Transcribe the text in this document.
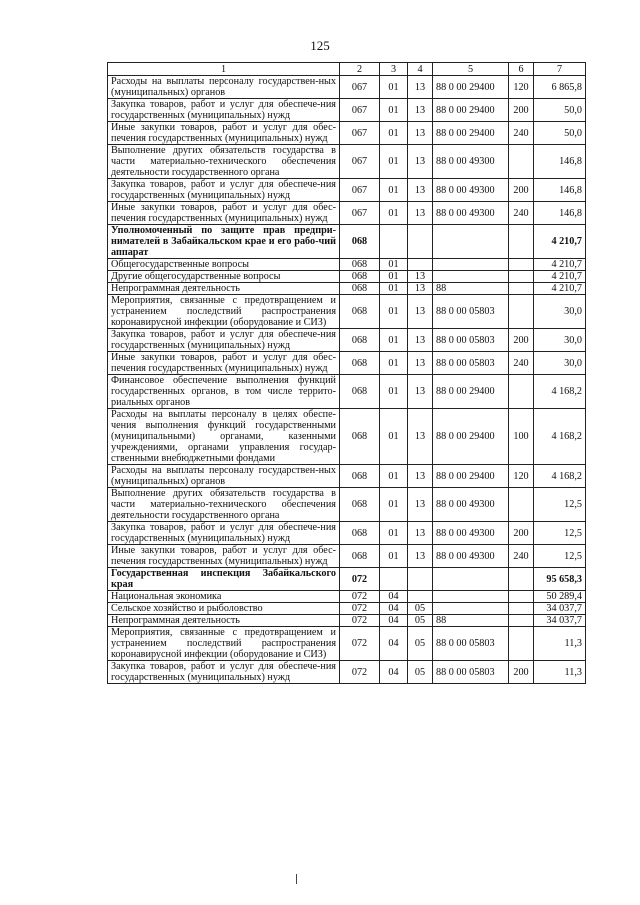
125
1	2	3	4	5	6	7
Расходы на выплаты персоналу государствен-ных (муниципальных) органов	067	01	13	88 0 00 29400	120	6 865,8
Закупка товаров, работ и услуг для обеспече-ния государственных (муниципальных) нужд	067	01	13	88 0 00 29400	200	50,0
Иные закупки товаров, работ и услуг для обес-печения государственных (муниципальных) нужд	067	01	13	88 0 00 29400	240	50,0
Выполнение других обязательств государства в части материально-технического обеспечения деятельности государственного органа	067	01	13	88 0 00 49300		146,8
Закупка товаров, работ и услуг для обеспече-ния государственных (муниципальных) нужд	067	01	13	88 0 00 49300	200	146,8
Иные закупки товаров, работ и услуг для обес-печения государственных (муниципальных) нужд	067	01	13	88 0 00 49300	240	146,8
Уполномоченный по защите прав предпри-нимателей в Забайкальском крае и его рабо-чий аппарат	068					4 210,7
Общегосударственные вопросы	068	01				4 210,7
Другие общегосударственные вопросы	068	01	13			4 210,7
Непрограммная деятельность	068	01	13	88		4 210,7
Мероприятия, связанные с предотвращением и устранением последствий распространения коронавирусной инфекции (оборудование и СИЗ)	068	01	13	88 0 00 05803		30,0
Закупка товаров, работ и услуг для обеспече-ния государственных (муниципальных) нужд	068	01	13	88 0 00 05803	200	30,0
Иные закупки товаров, работ и услуг для обес-печения государственных (муниципальных) нужд	068	01	13	88 0 00 05803	240	30,0
Финансовое обеспечение выполнения функций государственных органов, в том числе террито-риальных органов	068	01	13	88 0 00 29400		4 168,2
Расходы на выплаты персоналу в целях обеспе-чения выполнения функций государственными (муниципальными) органами, казенными учреждениями, органами управления государ-ственными внебюджетными фондами	068	01	13	88 0 00 29400	100	4 168,2
Расходы на выплаты персоналу государствен-ных (муниципальных) органов	068	01	13	88 0 00 29400	120	4 168,2
Выполнение других обязательств государства в части материально-технического обеспечения деятельности государственного органа	068	01	13	88 0 00 49300		12,5
Закупка товаров, работ и услуг для обеспече-ния государственных (муниципальных) нужд	068	01	13	88 0 00 49300	200	12,5
Иные закупки товаров, работ и услуг для обес-печения государственных (муниципальных) нужд	068	01	13	88 0 00 49300	240	12,5
Государственная инспекция Забайкальского края	072					95 658,3
Национальная экономика	072	04				50 289,4
Сельское хозяйство и рыболовство	072	04	05			34 037,7
Непрограммная деятельность	072	04	05	88		34 037,7
Мероприятия, связанные с предотвращением и устранением последствий распространения коронавирусной инфекции (оборудование и СИЗ)	072	04	05	88 0 00 05803		11,3
Закупка товаров, работ и услуг для обеспече-ния государственных (муниципальных) нужд	072	04	05	88 0 00 05803	200	11,3
